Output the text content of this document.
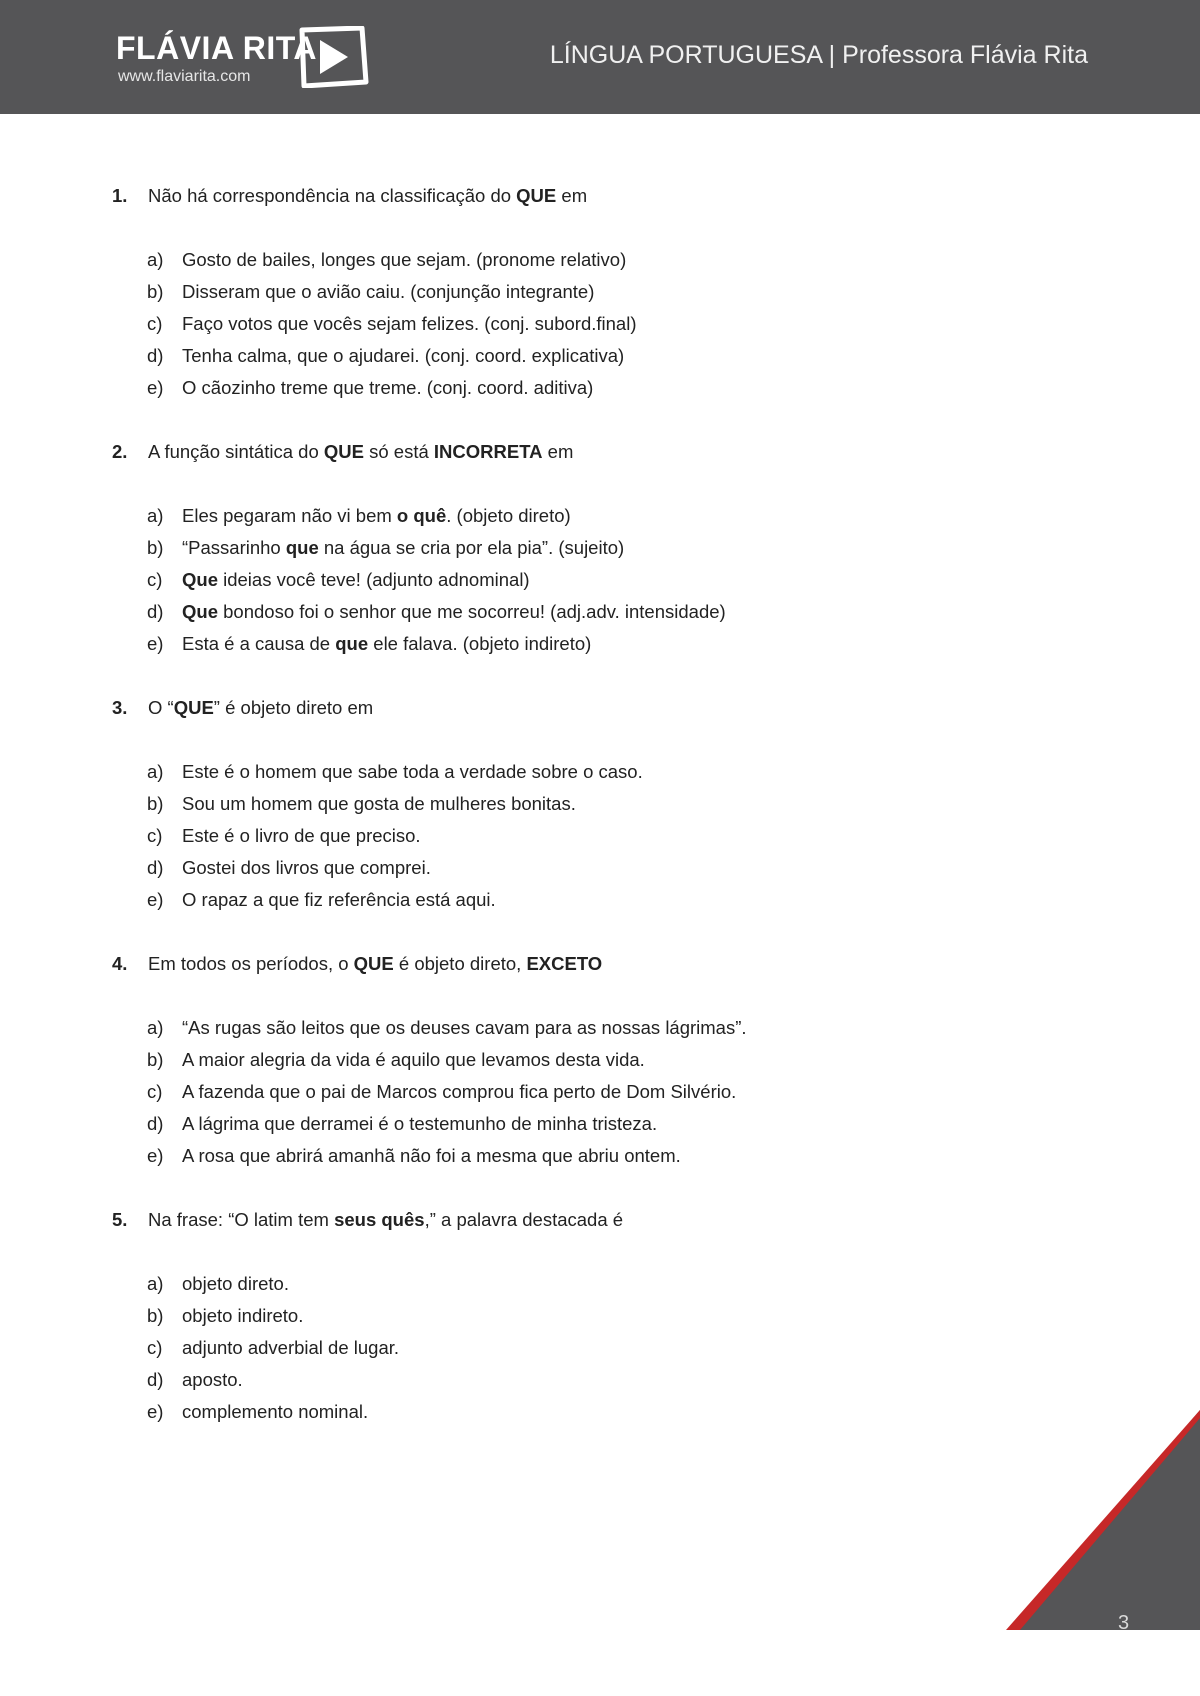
FLÁVIA RITA
www.flaviarita.com
LÍNGUA PORTUGUESA | Professora Flávia Rita
1. Não há correspondência na classificação do QUE em
a) Gosto de bailes, longes que sejam. (pronome relativo)
b) Disseram que o avião caiu. (conjunção integrante)
c) Faço votos que vocês sejam felizes. (conj. subord.final)
d) Tenha calma, que o ajudarei. (conj. coord. explicativa)
e) O cãozinho treme que treme. (conj. coord. aditiva)
2. A função sintática do QUE só está INCORRETA em
a) Eles pegaram não vi bem o quê. (objeto direto)
b) “Passarinho que na água se cria por ela pia”. (sujeito)
c) Que ideias você teve! (adjunto adnominal)
d) Que bondoso foi o senhor que me socorreu! (adj.adv. intensidade)
e) Esta é a causa de que ele falava. (objeto indireto)
3. O “QUE” é objeto direto em
a) Este é o homem que sabe toda a verdade sobre o caso.
b) Sou um homem que gosta de mulheres bonitas.
c) Este é o livro de que preciso.
d) Gostei dos livros que comprei.
e) O rapaz a que fiz referência está aqui.
4. Em todos os períodos, o QUE é objeto direto, EXCETO
a) “As rugas são leitos que os deuses cavam para as nossas lágrimas”.
b) A maior alegria da vida é aquilo que levamos desta vida.
c) A fazenda que o pai de Marcos comprou fica perto de Dom Silvério.
d) A lágrima que derramei é o testemunho de minha tristeza.
e) A rosa que abrirá amanhã não foi a mesma que abriu ontem.
5. Na frase: “O latim tem seus quês,” a palavra destacada é
a) objeto direto.
b) objeto indireto.
c) adjunto adverbial de lugar.
d) aposto.
e) complemento nominal.
3
